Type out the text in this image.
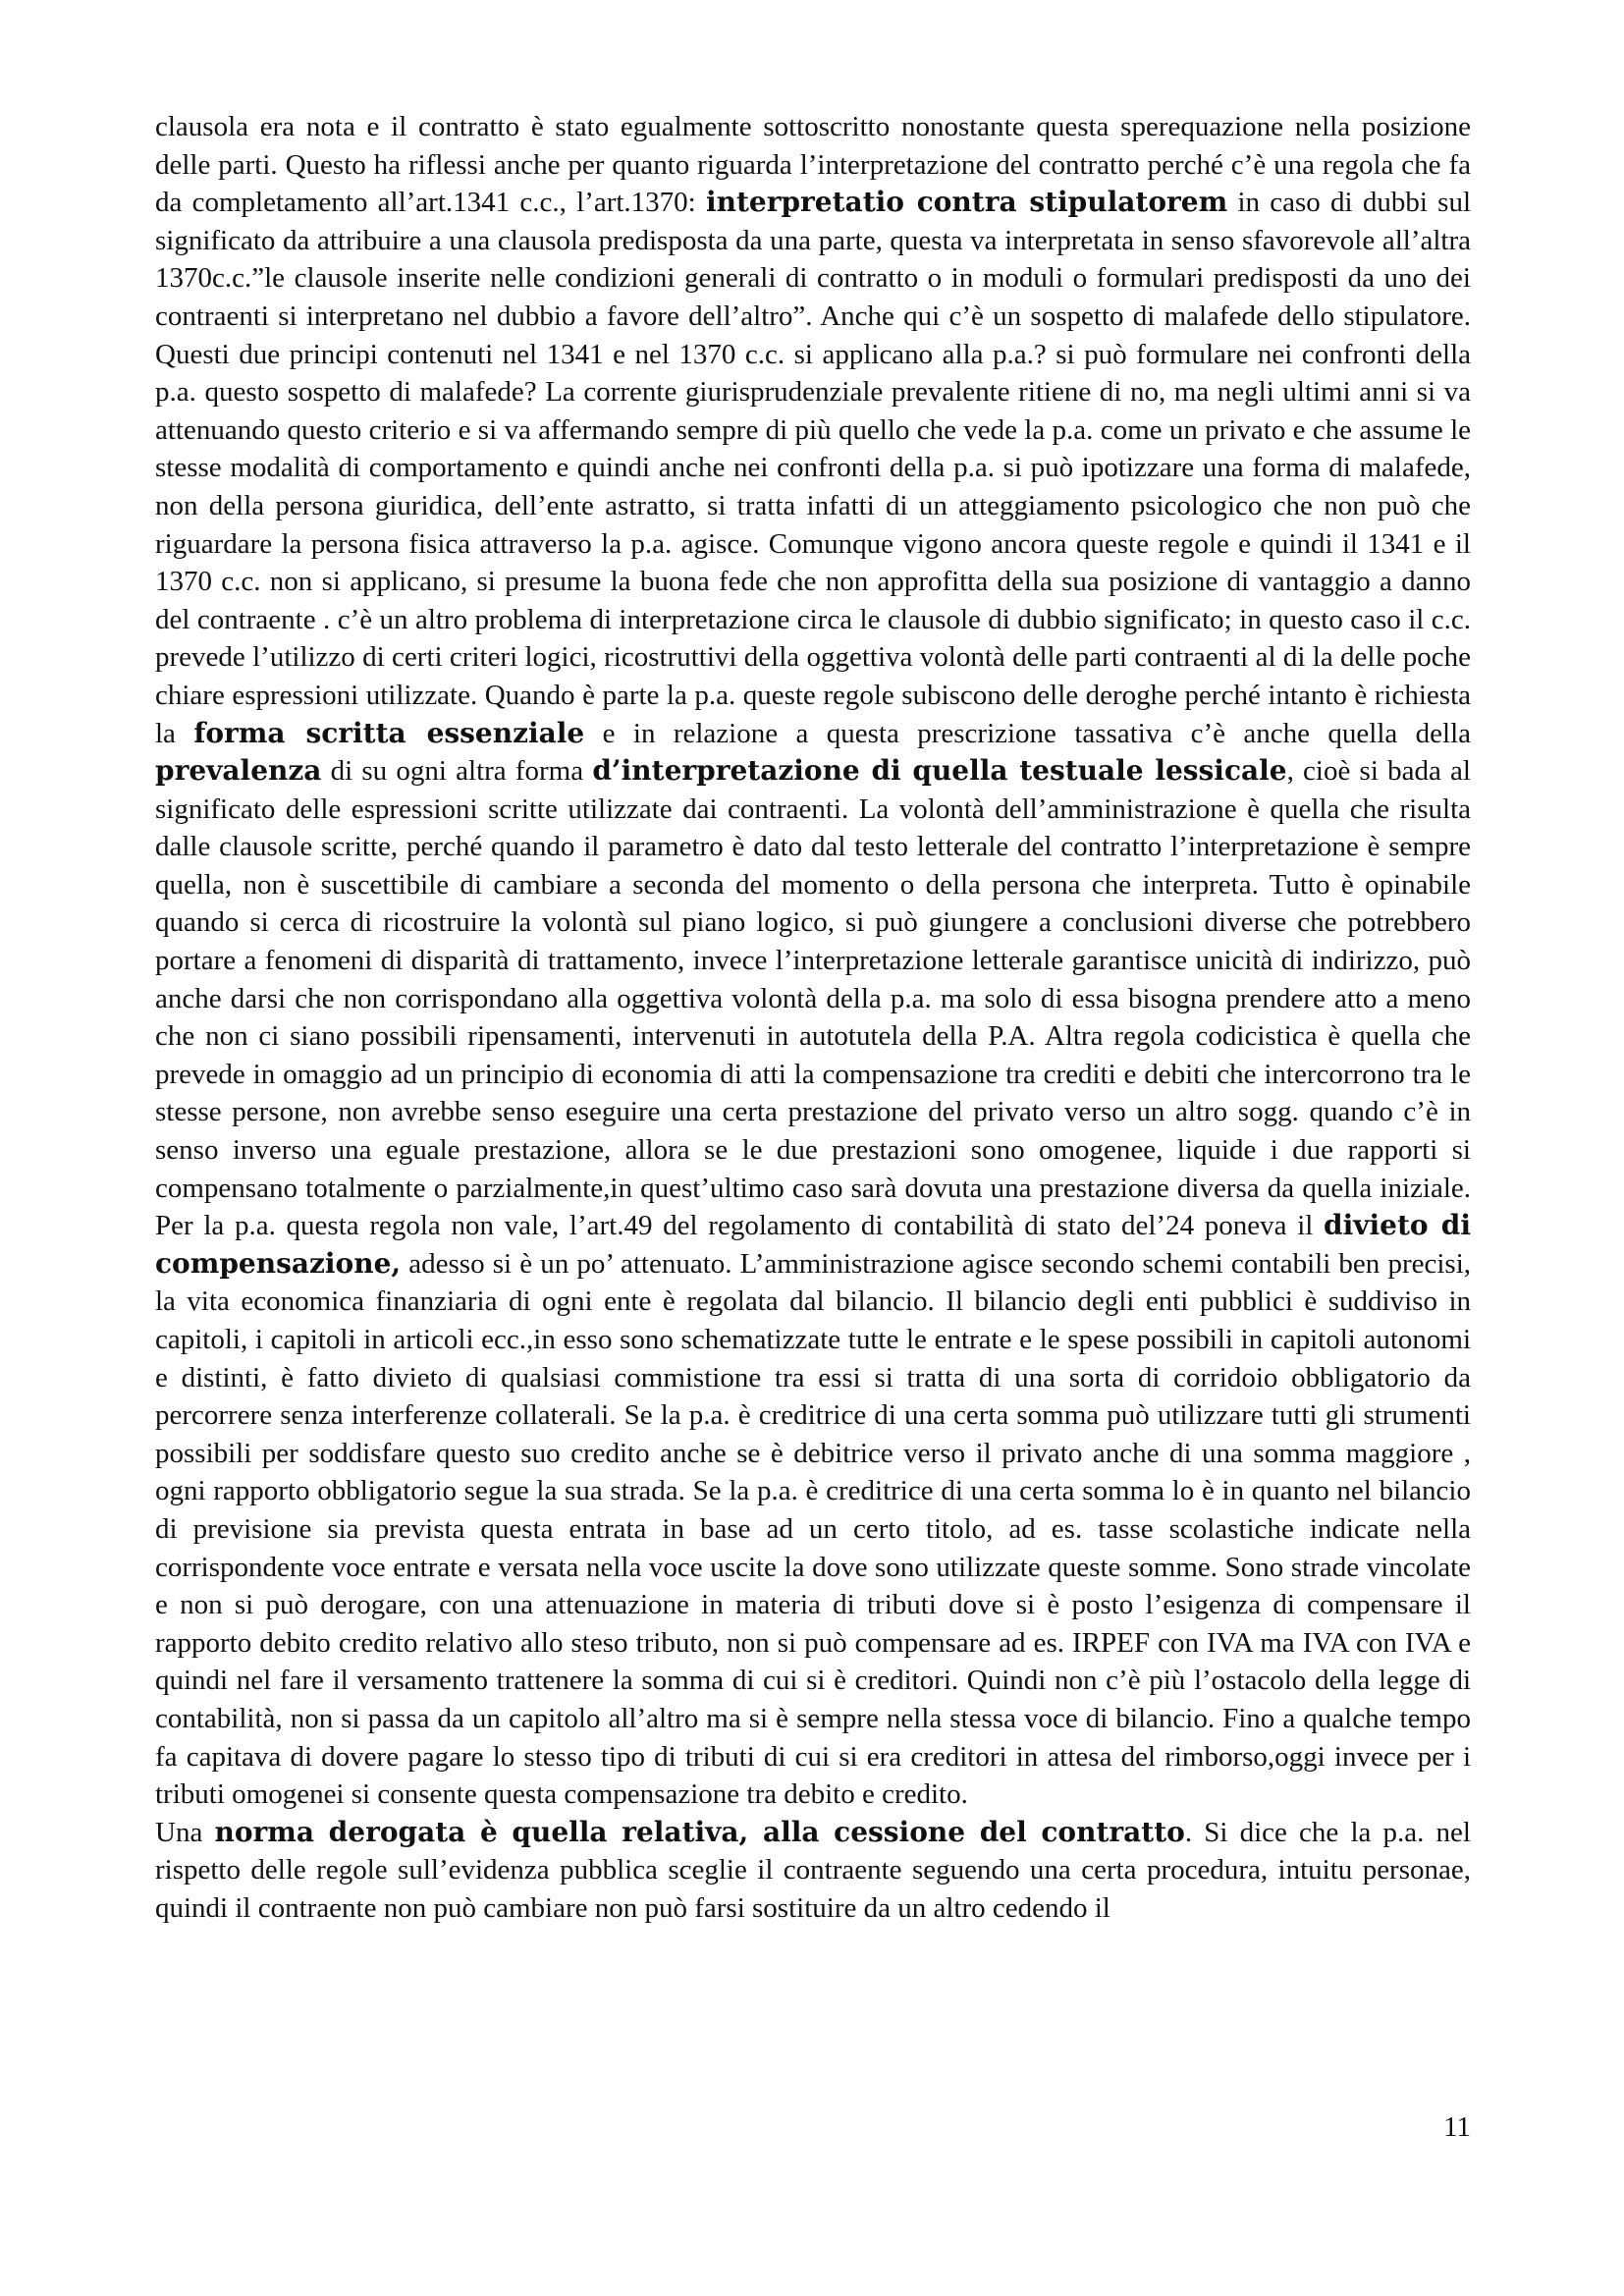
clausola era nota e il contratto è stato egualmente sottoscritto nonostante questa sperequazione nella posizione delle parti. Questo ha riflessi anche per quanto riguarda l’interpretazione del contratto perché c’è una regola che fa da completamento all’art.1341 c.c., l’art.1370: interpretatio contra stipulatorem in caso di dubbi sul significato da attribuire a una clausola predisposta da una parte, questa va interpretata in senso sfavorevole all’altra 1370c.c.”le clausole inserite nelle condizioni generali di contratto o in moduli o formulari predisposti da uno dei contraenti si interpretano nel dubbio a favore dell’altro”. Anche qui c’è un sospetto di malafede dello stipulatore. Questi due principi contenuti nel 1341 e nel 1370 c.c. si applicano alla p.a.? si può formulare nei confronti della p.a. questo sospetto di malafede? La corrente giurisprudenziale prevalente ritiene di no, ma negli ultimi anni si va attenuando questo criterio e si va affermando sempre di più quello che vede la p.a. come un privato e che assume le stesse modalità di comportamento e quindi anche nei confronti della p.a. si può ipotizzare una forma di malafede, non della persona giuridica, dell’ente astratto, si tratta infatti di un atteggiamento psicologico che non può che riguardare la persona fisica attraverso la p.a. agisce. Comunque vigono ancora queste regole e quindi il 1341 e il 1370 c.c. non si applicano, si presume la buona fede che non approfitta della sua posizione di vantaggio a danno del contraente . c’è un altro problema di interpretazione circa le clausole di dubbio significato; in questo caso il c.c. prevede l’utilizzo di certi criteri logici, ricostruttivi della oggettiva volontà delle parti contraenti al di la delle poche chiare espressioni utilizzate. Quando è parte la p.a. queste regole subiscono delle deroghe perché intanto è richiesta la forma scritta essenziale e in relazione a questa prescrizione tassativa c’è anche quella della prevalenza di su ogni altra forma d’interpretazione di quella testuale lessicale, cioè si bada al significato delle espressioni scritte utilizzate dai contraenti. La volontà dell’amministrazione è quella che risulta dalle clausole scritte, perché quando il parametro è dato dal testo letterale del contratto l’interpretazione è sempre quella, non è suscettibile di cambiare a seconda del momento o della persona che interpreta. Tutto è opinabile quando si cerca di ricostruire la volontà sul piano logico, si può giungere a conclusioni diverse che potrebbero portare a fenomeni di disparità di trattamento, invece l’interpretazione letterale garantisce unicità di indirizzo, può anche darsi che non corrispondano alla oggettiva volontà della p.a. ma solo di essa bisogna prendere atto a meno che non ci siano possibili ripensamenti, intervenuti in autotutela della P.A. Altra regola codicistica è quella che prevede in omaggio ad un principio di economia di atti la compensazione tra crediti e debiti che intercorrono tra le stesse persone, non avrebbe senso eseguire una certa prestazione del privato verso un altro sogg. quando c’è in senso inverso una eguale prestazione, allora se le due prestazioni sono omogenee, liquide i due rapporti si compensano totalmente o parzialmente,in quest’ultimo caso sarà dovuta una prestazione diversa da quella iniziale. Per la p.a. questa regola non vale, l’art.49 del regolamento di contabilità di stato del’24 poneva il divieto di compensazione, adesso si è un po’ attenuato. L’amministrazione agisce secondo schemi contabili ben precisi, la vita economica finanziaria di ogni ente è regolata dal bilancio. Il bilancio degli enti pubblici è suddiviso in capitoli, i capitoli in articoli ecc.,in esso sono schematizzate tutte le entrate e le spese possibili in capitoli autonomi e distinti, è fatto divieto di qualsiasi commistione tra essi si tratta di una sorta di corridoio obbligatorio da percorrere senza interferenze collaterali. Se la p.a. è creditrice di una certa somma può utilizzare tutti gli strumenti possibili per soddisfare questo suo credito anche se è debitrice verso il privato anche di una somma maggiore , ogni rapporto obbligatorio segue la sua strada. Se la p.a. è creditrice di una certa somma lo è in quanto nel bilancio di previsione sia prevista questa entrata in base ad un certo titolo, ad es. tasse scolastiche indicate nella corrispondente voce entrate e versata nella voce uscite la dove sono utilizzate queste somme. Sono strade vincolate e non si può derogare, con una attenuazione in materia di tributi dove si è posto l’esigenza di compensare il rapporto debito credito relativo allo steso tributo, non si può compensare ad es. IRPEF con IVA ma IVA con IVA e quindi nel fare il versamento trattenere la somma di cui si è creditori. Quindi non c’è più l’ostacolo della legge di contabilità, non si passa da un capitolo all’altro ma si è sempre nella stessa voce di bilancio. Fino a qualche tempo fa capitava di dovere pagare lo stesso tipo di tributi di cui si era creditori in attesa del rimborso,oggi invece per i tributi omogenei si consente questa compensazione tra debito e credito.

Una norma derogata è quella relativa, alla cessione del contratto. Si dice che la p.a. nel rispetto delle regole sull’evidenza pubblica sceglie il contraente seguendo una certa procedura, intuitu personae, quindi il contraente non può cambiare non può farsi sostituire da un altro cedendo il

11
